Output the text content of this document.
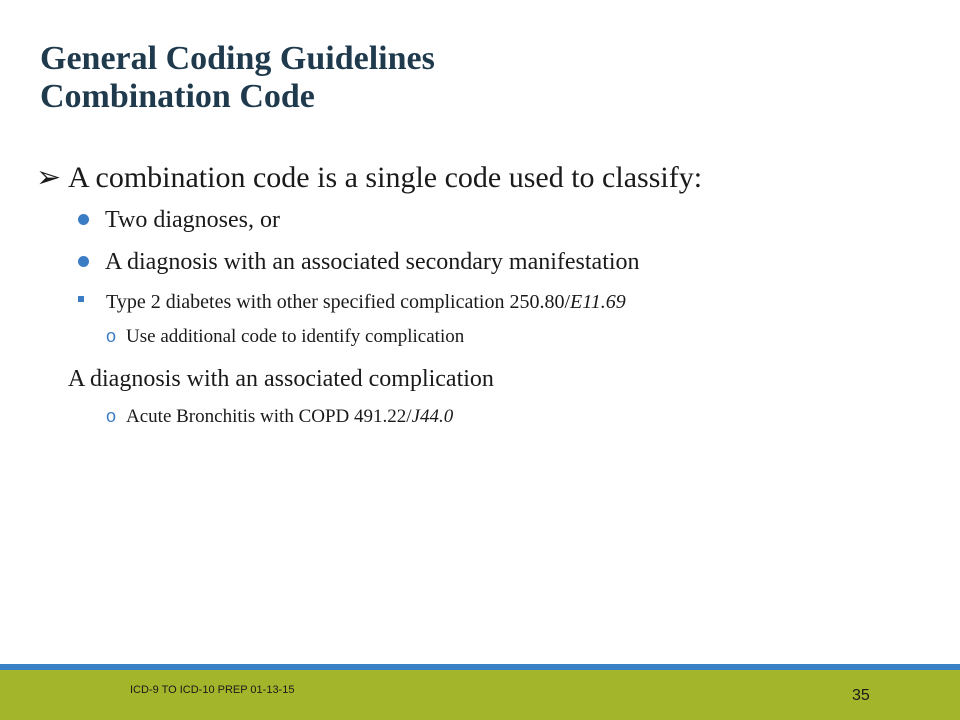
General Coding Guidelines
Combination Code
➢ A combination code is a single code used to classify:
Two diagnoses, or
A diagnosis with an associated secondary manifestation
Type 2 diabetes with other specified complication 250.80/E11.69
o Use additional code to identify complication
A diagnosis with an associated complication
o Acute Bronchitis with COPD 491.22/J44.0
ICD-9 TO ICD-10 PREP 01-13-15	35
